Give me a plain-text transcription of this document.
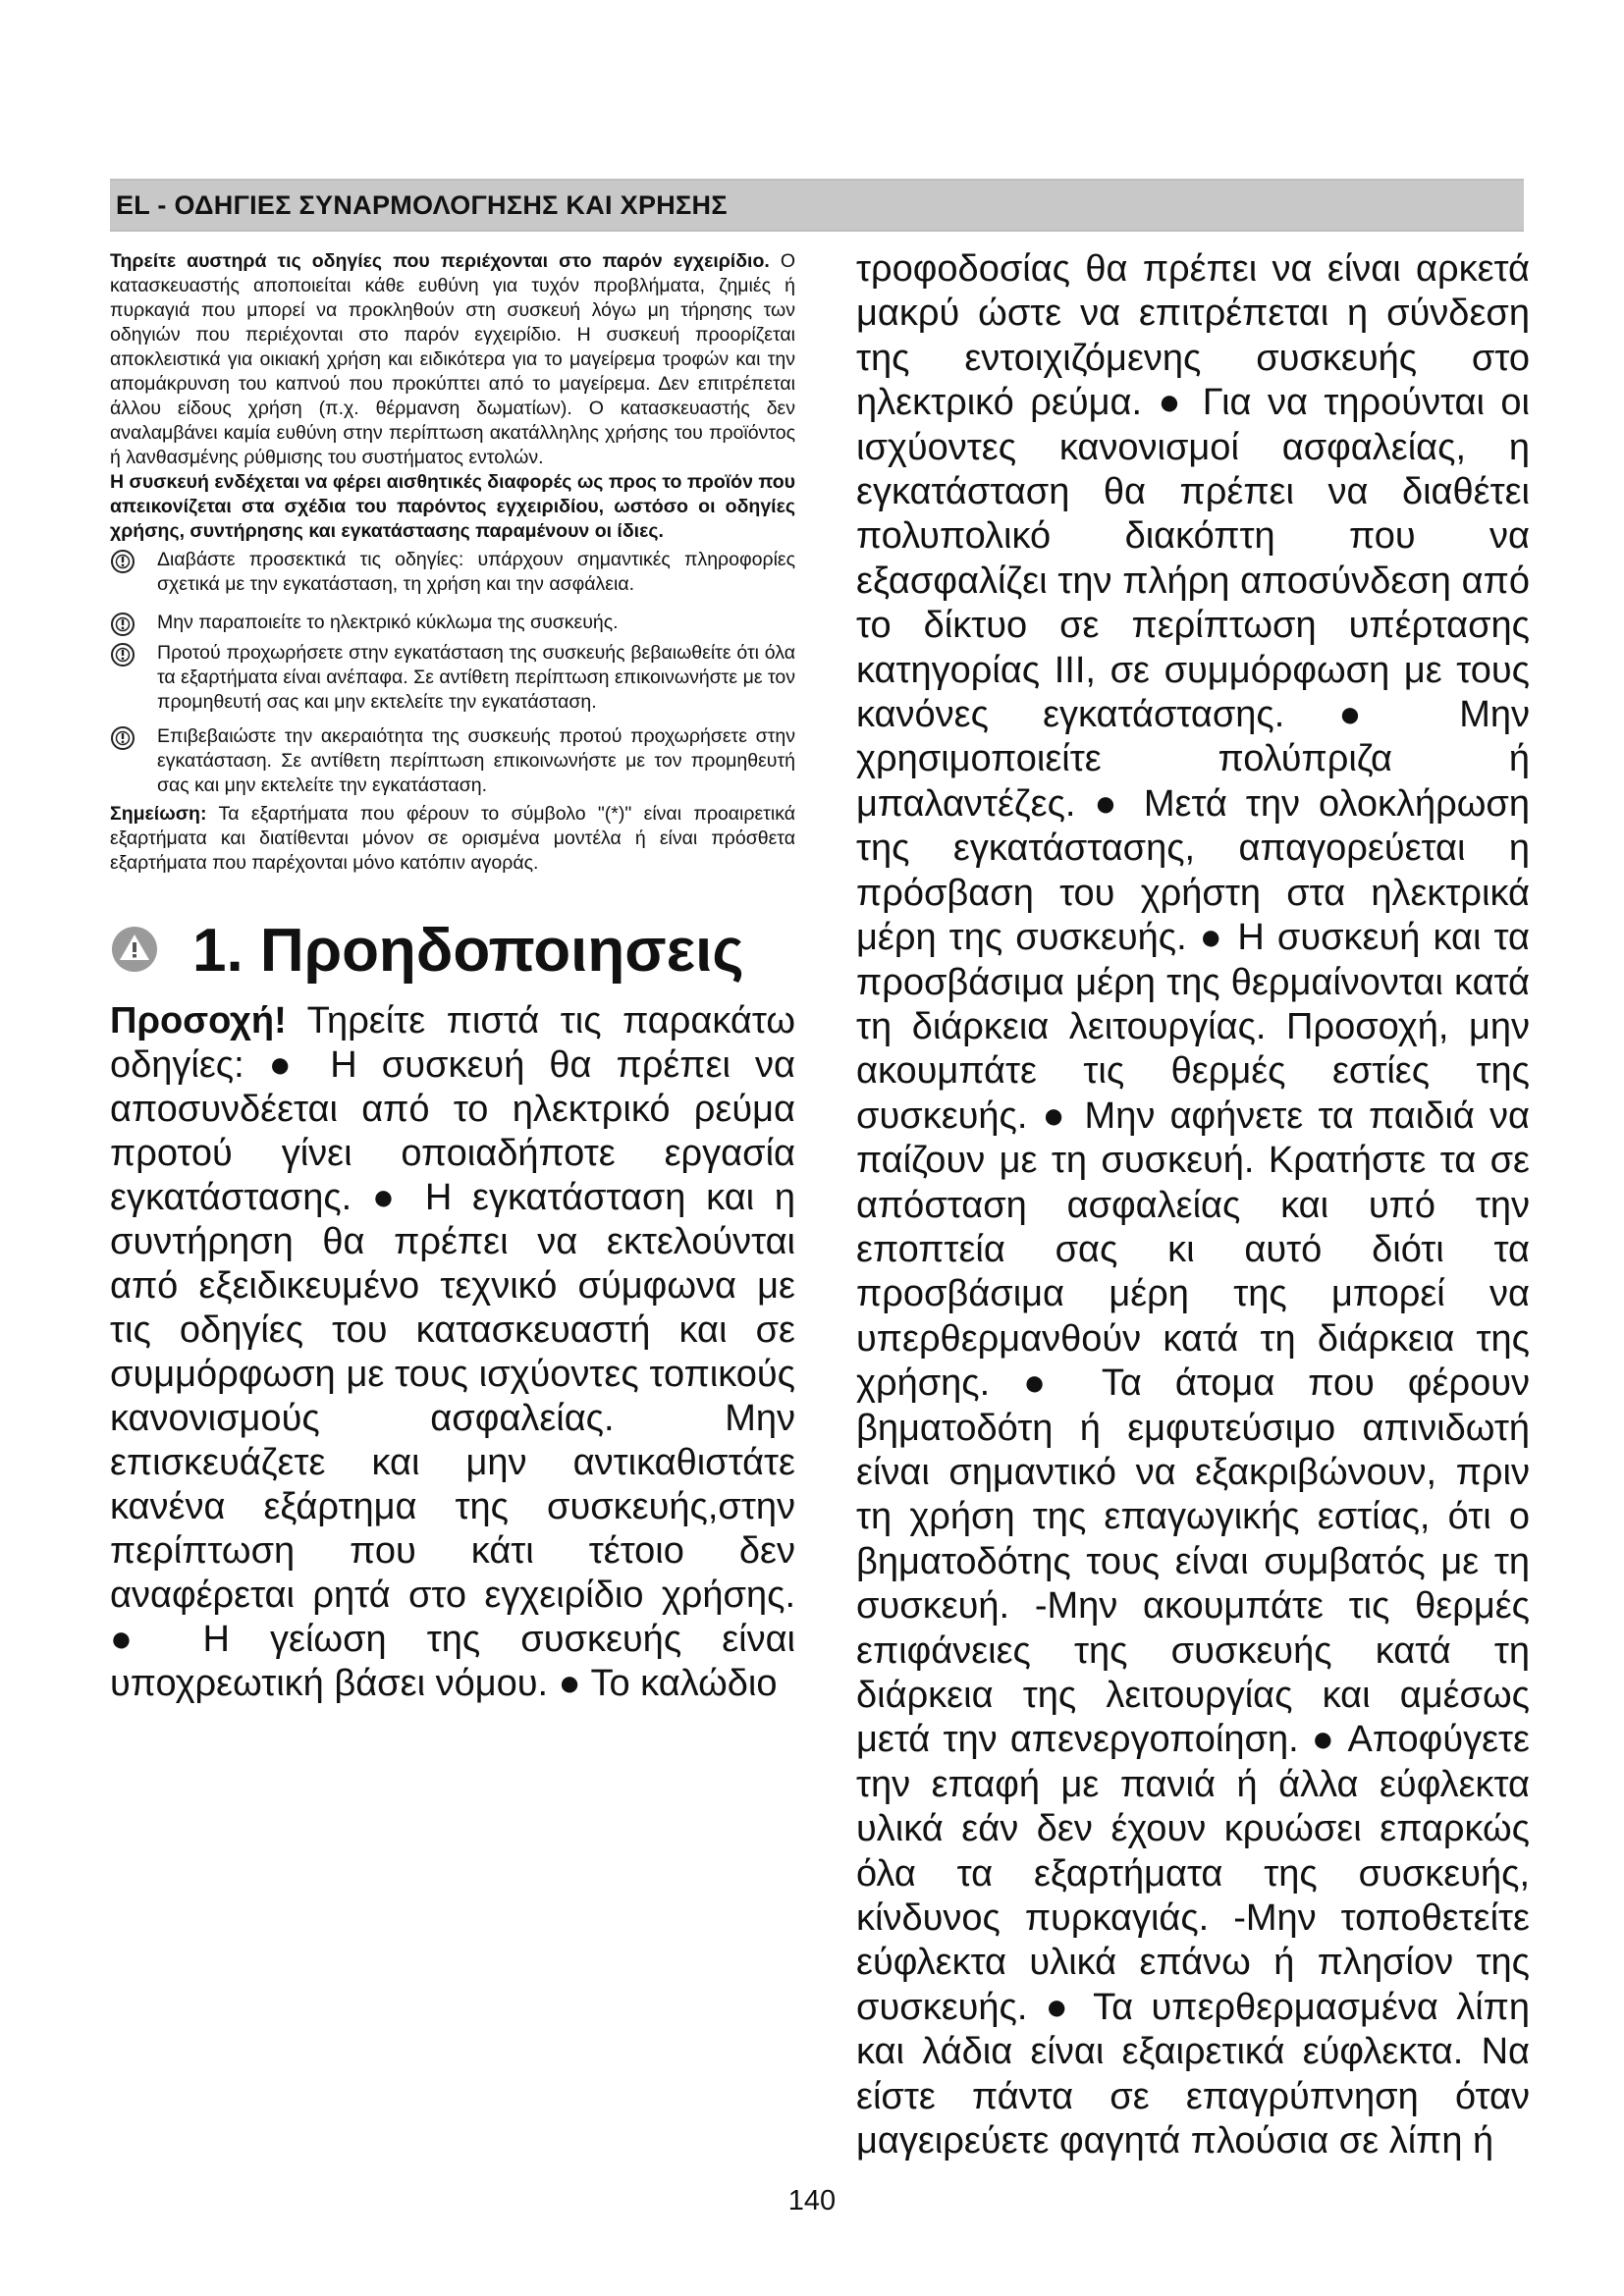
EL - ΟΔΗΓΙΕΣ ΣΥΝΑΡΜΟΛΟΓΗΣΗΣ ΚΑΙ ΧΡΗΣΗΣ

Τηρείτε αυστηρά τις οδηγίες που περιέχονται στο παρόν εγχειρίδιο. Ο κατασκευαστής αποποιείται κάθε ευθύνη για τυχόν προβλήματα, ζημιές ή πυρκαγιά που μπορεί να προκληθούν στη συσκευή λόγω μη τήρησης των οδηγιών που περιέχονται στο παρόν εγχειρίδιο. Η συσκευή προορίζεται αποκλειστικά για οικιακή χρήση και ειδικότερα για το μαγείρεμα τροφών και την απομάκρυνση του καπνού που προκύπτει από το μαγείρεμα. Δεν επιτρέπεται άλλου είδους χρήση (π.χ. θέρμανση δωματίων). Ο κατασκευαστής δεν αναλαμβάνει καμία ευθύνη στην περίπτωση ακατάλληλης χρήσης του προϊόντος ή λανθασμένης ρύθμισης του συστήματος εντολών.

Η συσκευή ενδέχεται να φέρει αισθητικές διαφορές ως προς το προϊόν που απεικονίζεται στα σχέδια του παρόντος εγχειριδίου, ωστόσο οι οδηγίες χρήσης, συντήρησης και εγκατάστασης παραμένουν οι ίδιες.

Διαβάστε προσεκτικά τις οδηγίες: υπάρχουν σημαντικές πληροφορίες σχετικά με την εγκατάσταση, τη χρήση και την ασφάλεια.

Μην παραποιείτε το ηλεκτρικό κύκλωμα της συσκευής.

Προτού προχωρήσετε στην εγκατάσταση της συσκευής βεβαιωθείτε ότι όλα τα εξαρτήματα είναι ανέπαφα. Σε αντίθετη περίπτωση επικοινωνήστε με τον προμηθευτή σας και μην εκτελείτε την εγκατάσταση.

Επιβεβαιώστε την ακεραιότητα της συσκευής προτού προχωρήσετε στην εγκατάσταση. Σε αντίθετη περίπτωση επικοινωνήστε με τον προμηθευτή σας και μην εκτελείτε την εγκατάσταση.

Σημείωση: Τα εξαρτήματα που φέρουν το σύμβολο "(*)" είναι προαιρετικά εξαρτήματα και διατίθενται μόνον σε ορισμένα μοντέλα ή είναι πρόσθετα εξαρτήματα που παρέχονται μόνο κατόπιν αγοράς.

1. Προηδοποιησεις

Προσοχή! Τηρείτε πιστά τις παρακάτω οδηγίες: ● Η συσκευή θα πρέπει να αποσυνδέεται από το ηλεκτρικό ρεύμα προτού γίνει οποιαδήποτε εργασία εγκατάστασης. ● Η εγκατάσταση και η συντήρηση θα πρέπει να εκτελούνται από εξειδικευμένο τεχνικό σύμφωνα με τις οδηγίες του κατασκευαστή και σε συμμόρφωση με τους ισχύοντες τοπικούς κανονισμούς ασφαλείας. Μην επισκευάζετε και μην αντικαθιστάτε κανένα εξάρτημα της συσκευής,στην περίπτωση που κάτι τέτοιο δεν αναφέρεται ρητά στο εγχειρίδιο χρήσης. ● Η γείωση της συσκευής είναι υποχρεωτική βάσει νόμου. ● Το καλώδιο

τροφοδοσίας θα πρέπει να είναι αρκετά μακρύ ώστε να επιτρέπεται η σύνδεση της εντοιχιζόμενης συσκευής στο ηλεκτρικό ρεύμα. ● Για να τηρούνται οι ισχύοντες κανονισμοί ασφαλείας, η εγκατάσταση θα πρέπει να διαθέτει πολυπολικό διακόπτη που να εξασφαλίζει την πλήρη αποσύνδεση από το δίκτυο σε περίπτωση υπέρτασης κατηγορίας III, σε συμμόρφωση με τους κανόνες εγκατάστασης. ● Μην χρησιμοποιείτε πολύπριζα ή μπαλαντέζες. ● Μετά την ολοκλήρωση της εγκατάστασης, απαγορεύεται η πρόσβαση του χρήστη στα ηλεκτρικά μέρη της συσκευής. ● Η συσκευή και τα προσβάσιμα μέρη της θερμαίνονται κατά τη διάρκεια λειτουργίας. Προσοχή, μην ακουμπάτε τις θερμές εστίες της συσκευής. ● Μην αφήνετε τα παιδιά να παίζουν με τη συσκευή. Κρατήστε τα σε απόσταση ασφαλείας και υπό την εποπτεία σας κι αυτό διότι τα προσβάσιμα μέρη της μπορεί να υπερθερμανθούν κατά τη διάρκεια της χρήσης. ● Τα άτομα που φέρουν βηματοδότη ή εμφυτεύσιμο απινιδωτή είναι σημαντικό να εξακριβώνουν, πριν τη χρήση της επαγωγικής εστίας, ότι ο βηματοδότης τους είναι συμβατός με τη συσκευή. -Μην ακουμπάτε τις θερμές επιφάνειες της συσκευής κατά τη διάρκεια της λειτουργίας και αμέσως μετά την απενεργοποίηση. ● Αποφύγετε την επαφή με πανιά ή άλλα εύφλεκτα υλικά εάν δεν έχουν κρυώσει επαρκώς όλα τα εξαρτήματα της συσκευής, κίνδυνος πυρκαγιάς. -Μην τοποθετείτε εύφλεκτα υλικά επάνω ή πλησίον της συσκευής. ● Τα υπερθερμασμένα λίπη και λάδια είναι εξαιρετικά εύφλεκτα. Να είστε πάντα σε επαγρύπνηση όταν μαγειρεύετε φαγητά πλούσια σε λίπη ή

140
